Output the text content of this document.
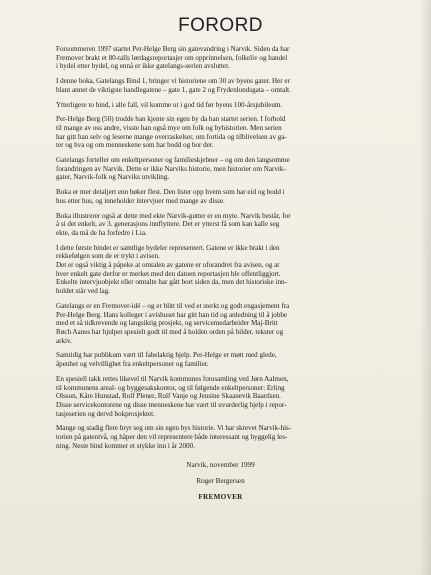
FORORD

Forsommeren 1997 startet Per-Helge Berg sin gatevandring i Narvik. Siden da har
Fremover brakt et 80-talls lørdagsreportasjer om opprinnelsen, folkeliv og handel
i bydel etter bydel, og ennå er ikke gatelangs-serien avsluttet.

I denne boka, Gatelangs Bind 1, bringer vi historiene om 30 av byens gater. Her er
blant annet de viktigste handlegatene – gate 1, gate 2 og Frydenlundsgata – omtalt.

Ytterligere to bind, i alle fall, vil komme ut i god tid før byens 100-årsjubileum.

Per-Helge Berg (50) trodde han kjente sin egen by da han startet serien. I forhold
til mange av oss andre, visste han også mye om folk og byhistorien. Men serien
har gitt han selv og leserne mange overraskelser, om fortida og tilblivelsen av ga-
ter og hva og om menneskene som har bodd og bor der.

Gatelangs forteller om enkeltpersoner og familieskjebner – og om den langsomme
forandringen av Narvik. Dette er ikke Narviks historie, men historier om Narvik-
gater, Narvik-folk og Narviks utvikling.

Boka er mer detaljert enn bøker flest. Den lister opp hvem som har eid og bodd i
hus etter hus, og inneholder intervjuer med mange av disse.

Boka illustrerer også at dette med ekte Narvik-gutter er en myte. Narvik består, for
å si det enkelt, av 3. generasjons innflyttere. Det er ytterst få som kan kalle seg
ekte, da må de ha forfedre i Lia.

I dette første bindet er samtlige bydeler representert. Gatene er ikke brakt i den
rekkefølgen som de er trykt i avisen.
Det er også viktig å påpeke at omtalen av gatene er uforandret fra avisen, og at
hver enkelt gate derfor er merket med den datoen reportasjen ble offentliggjort.
Enkelte intervjuobjekt eller omtalte har gått bort siden da, men det historiske inn-
holdet står ved lag.

Gatelangs er en Fremover-idé – og er blitt til ved et sterkt og godt engasjement fra
Per-Helge Berg. Hans kolleger i avishuset har gitt han tid og anledning til å jobbe
med et så tidkrevende og langsiktig prosjekt, og servicemedarbeider Maj-Britt
Røch Aanes har hjulpet spesielt godt til med å holden orden på bilder, tekster og
arkiv.

Samtidig har publikum vært til fabelaktig hjelp. Per-Helge er møtt med glede,
åpenhet og velvillighet fra enkeltpersoner og familier.

En spesiell takk rettes likevel til Narvik kommunes fotosamling ved Jørn Aalmen,
til kommunens areal- og byggesakskontor, og til følgende enkeltpersoner: Erling
Olsson, Kåre Hunstad, Rolf Plener, Rolf Vanje og Jensine Skaanevik Baardsen.
Disse servicekontorene og disse menneskene har vært til uvurderlig hjelp i repor-
tasjeserien og dervd bokprosjektet.

Mange og stadig flere bryr seg om sin egen bys historie. Vi har skrevet Narvik-his-
torien på gatenivå, og håper den vil representere både interessant og hyggelig les-
ning. Neste bind kommer et stykke inn i år 2000.

Narvik, november 1999
Roger Bergersen
FREMOVER
